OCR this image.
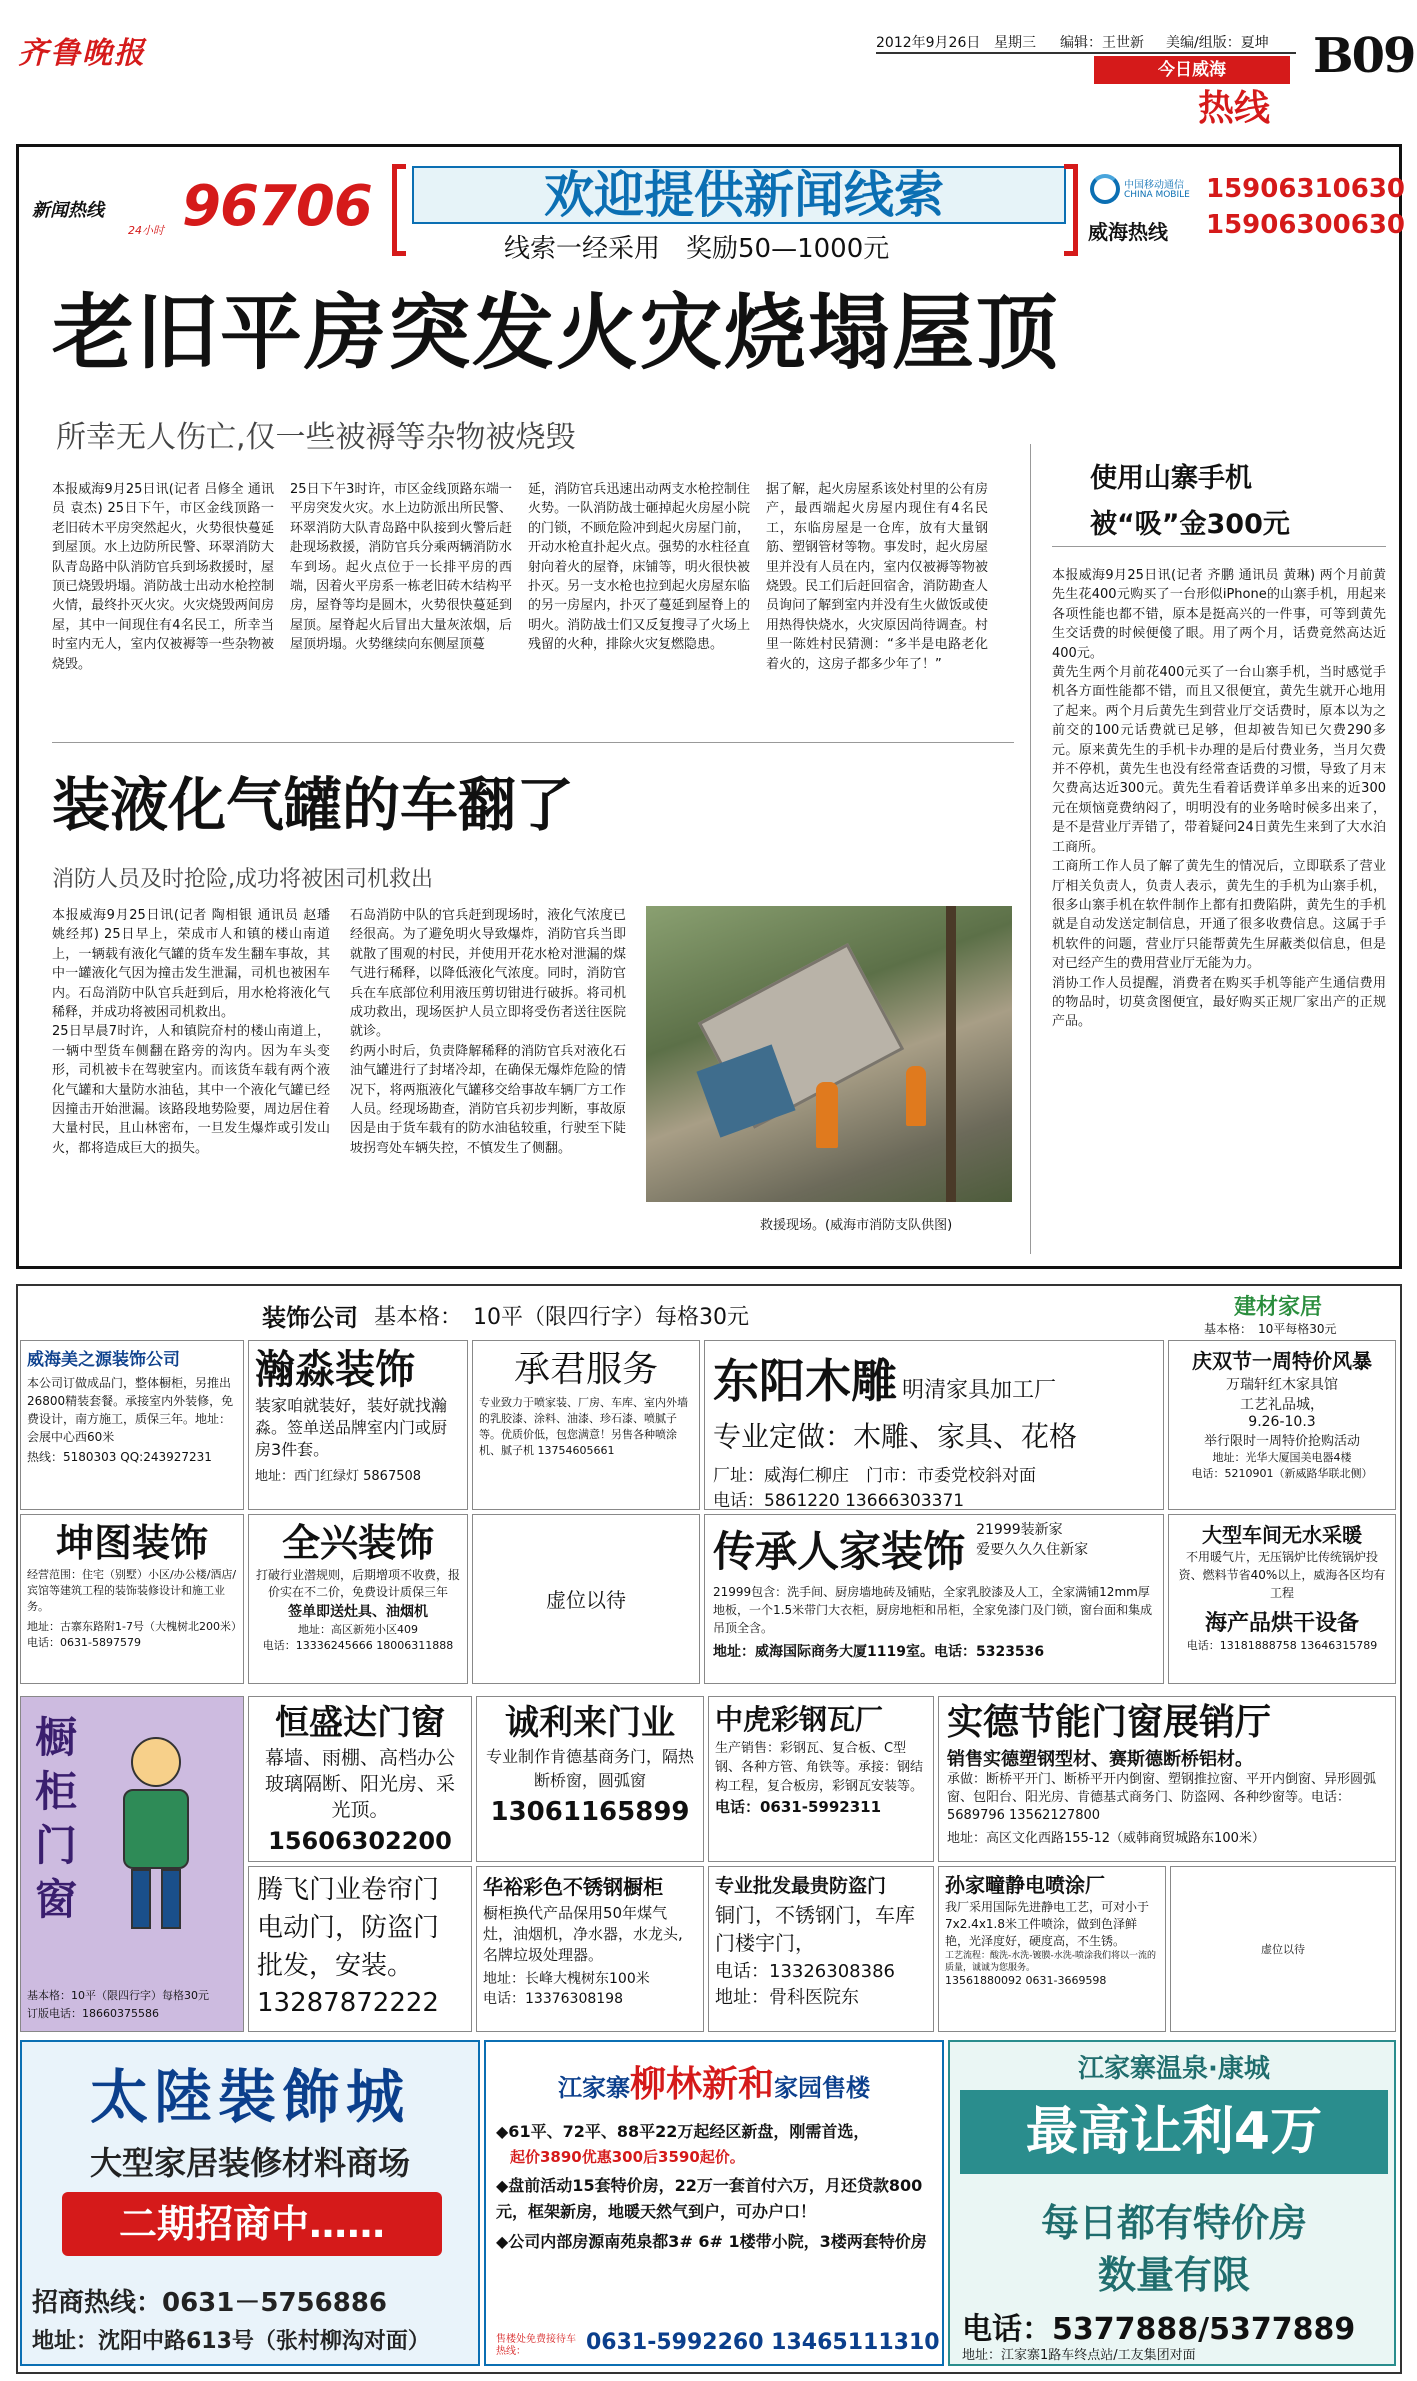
齐鲁晚报	2012年9月26日 星期三 编辑：王世新 美编/组版：夏坤
今日威海
热线
B09
新闻热线
24小时 96706	欢迎提供新闻线索
线索一经采用　奖励50—1000元
中国移动通信
CHINA MOBILE 15906310630
威海热线 15906300630
老旧平房突发火灾烧塌屋顶
所幸无人伤亡,仅一些被褥等杂物被烧毁
本报威海9月25日讯(记者 吕修全 通讯员 袁杰) 25日下午，市区金线顶路一老旧砖木平房突然起火，火势很快蔓延到屋顶。水上边防所民警、环翠消防大队青岛路中队消防官兵到场救援时，屋顶已烧毁坍塌。消防战士出动水枪控制火情，最终扑灭火灾。火灾烧毁两间房屋，其中一间现住有4名民工，所幸当时室内无人，室内仅被褥等一些杂物被烧毁。
25日下午3时许，市区金线顶路东端一平房突发火灾。水上边防派出所民警、环翠消防大队青岛路中队接到火警后赶赴现场救援，消防官兵分乘两辆消防水车到场。起火点位于一长排平房的西端，因着火平房系一栋老旧砖木结构平房，屋脊等均是圆木，火势很快蔓延到屋顶。屋脊起火后冒出大量灰浓烟，后屋顶坍塌。火势继续向东侧屋顶蔓
延，消防官兵迅速出动两支水枪控制住火势。一队消防战士砸掉起火房屋小院的门锁，不顾危险冲到起火房屋门前，开动水枪直扑起火点。强势的水柱径直射向着火的屋脊，床铺等，明火很快被扑灭。另一支水枪也拉到起火房屋东临的另一房屋内，扑灭了蔓延到屋脊上的明火。消防战士们又反复搜寻了火场上残留的火种，排除火灾复燃隐患。
据了解，起火房屋系该处村里的公有房产，最西端起火房屋内现住有4名民工，东临房屋是一仓库，放有大量钢筋、塑钢管材等物。事发时，起火房屋里并没有人员在内，室内仅被褥等物被烧毁。民工们后赶回宿舍，消防勘查人员询问了解到室内并没有生火做饭或使用热得快烧水，火灾原因尚待调查。村里一陈姓村民猜测：“多半是电路老化着火的，这房子都多少年了！”
装液化气罐的车翻了
消防人员及时抢险,成功将被困司机救出
本报威海9月25日讯(记者 陶相银 通讯员 赵璠 姚经邦) 25日早上，荣成市人和镇的楼山南道上，一辆载有液化气罐的货车发生翻车事故，其中一罐液化气因为撞击发生泄漏，司机也被困车内。石岛消防中队官兵赶到后，用水枪将液化气稀释，并成功将被困司机救出。
25日早晨7时许，人和镇院夼村的楼山南道上，一辆中型货车侧翻在路旁的沟内。因为车头变形，司机被卡在驾驶室内。而该货车载有两个液化气罐和大量防水油毡，其中一个液化气罐已经因撞击开始泄漏。该路段地势险要，周边居住着大量村民，且山林密布，一旦发生爆炸或引发山火，都将造成巨大的损失。
石岛消防中队的官兵赶到现场时，液化气浓度已经很高。为了避免明火导致爆炸，消防官兵当即就散了围观的村民，并使用开花水枪对泄漏的煤气进行稀释，以降低液化气浓度。同时，消防官兵在车底部位利用液压剪切钳进行破拆。将司机成功救出，现场医护人员立即将受伤者送往医院就诊。
约两小时后，负责降解稀释的消防官兵对液化石油气罐进行了封堵冷却，在确保无爆炸危险的情况下，将两瓶液化气罐移交给事故车辆厂方工作人员。经现场勘查，消防官兵初步判断，事故原因是由于货车载有的防水油毡较重，行驶至下陡坡拐弯处车辆失控，不慎发生了侧翻。
救援现场。(威海市消防支队供图)
使用山寨手机
被“吸”金300元
本报威海9月25日讯(记者 齐鹏 通讯员 黄琳) 两个月前黄先生花400元购买了一台形似iPhone的山寨手机，用起来各项性能也都不错，原本是挺高兴的一件事，可等到黄先生交话费的时候便傻了眼。用了两个月，话费竟然高达近400元。
黄先生两个月前花400元买了一台山寨手机，当时感觉手机各方面性能都不错，而且又很便宜，黄先生就开心地用了起来。两个月后黄先生到营业厅交话费时，原本以为之前交的100元话费就已足够，但却被告知已欠费290多元。原来黄先生的手机卡办理的是后付费业务，当月欠费并不停机，黄先生也没有经常查话费的习惯，导致了月末欠费高达近300元。黄先生看着话费详单多出来的近300元在烦恼竟费纳闷了，明明没有的业务啥时候多出来了，是不是营业厅弄错了，带着疑问24日黄先生来到了大水泊工商所。
工商所工作人员了解了黄先生的情况后，立即联系了营业厅相关负责人，负责人表示，黄先生的手机为山寨手机，很多山寨手机在软件制作上都有扣费陷阱，黄先生的手机就是自动发送定制信息，开通了很多收费信息。这属于手机软件的问题，营业厅只能帮黄先生屏蔽类似信息，但是对已经产生的费用营业厅无能为力。
消协工作人员提醒，消费者在购买手机等能产生通信费用的物品时，切莫贪图便宜，最好购买正规厂家出产的正规产品。
装饰公司 基本格：　10平（限四行字）每格30元	建材家居
基本格：　10平每格30元
威海美之源装饰公司
本公司订做成品门，整体橱柜，另推出26800精装套餐。承接室内外装修，免费设计，南方施工，质保三年。地址：会展中心西60米
热线：5180303 QQ:243927231
瀚淼装饰
装家咱就装好，装好就找瀚淼。签单送品牌室内门或厨房3件套。
地址：西门红绿灯 5867508
承君服务
专业致力于喷家装、厂房、车库、室内外墙的乳胶漆、涂料、油漆、珍石漆、喷腻子等。优质价低，包您满意！另售各种喷涂机、腻子机 13754605661
东阳木雕 明清家具加工厂
专业定做：木雕、家具、花格
厂址：威海仁柳庄　门市：市委党校斜对面
电话：5861220 13666303371
庆双节一周特价风暴
万瑞轩红木家具馆
工艺礼品城，
9.26-10.3
举行限时一周特价抢购活动
地址：光华大厦国美电器4楼
电话：5210901（新威路华联北侧）
坤图装饰
经营范围：住宅（别墅）小区/办公楼/酒店/宾馆等建筑工程的装饰装修设计和施工业务。
地址：古寨东路附1-7号（大槐树北200米）电话：0631-5897579
全兴装饰
打破行业潜规则，后期增项不收费，报价实在不二价，免费设计质保三年
签单即送灶具、油烟机
地址：高区新苑小区409
电话：13336245666 18006311888
虚位以待
传承人家装饰 21999装新家
爱要久久久住新家
21999包含：洗手间、厨房墙地砖及铺贴，全家乳胶漆及人工，全家满铺12mm厚地板，一个1.5米带门大衣柜，厨房地柜和吊柜，全家免漆门及门锁，窗台面和集成吊顶全含。
地址：威海国际商务大厦1119室。电话：5323536
大型车间无水采暖
不用暖气片，无压锅炉比传统锅炉投资、燃料节省40%以上，威海各区均有工程
海产品烘干设备
电话：13181888758 13646315789
橱柜门窗
基本格：10平（限四行字）每格30元
订版电话：18660375586
恒盛达门窗
幕墙、雨棚、高档办公玻璃隔断、阳光房、采光顶。
15606302200
诚利来门业
专业制作肯德基商务门，隔热断桥窗，圆弧窗
13061165899
中虎彩钢瓦厂
生产销售：彩钢瓦、复合板、C型钢、各种方管、角铁等。承接：钢结构工程，复合板房，彩钢瓦安装等。
电话：0631-5992311
实德节能门窗展销厅
销售实德塑钢型材、赛斯德断桥铝材。
承做：断桥平开门、断桥平开内倒窗、塑钢推拉窗、平开内倒窗、异形圆弧窗、包阳台、阳光房、肯德基式商务门、防盗网、各种纱窗等。电话：5689796 13562127800
地址：高区文化西路155-12（威韩商贸城路东100米）
腾飞门业卷帘门
电动门，防盗门批发，安装。
13287872222
华裕彩色不锈钢橱柜
橱柜换代产品保用50年煤气灶，油烟机，净水器，水龙头,名牌垃圾处理器。
地址：长峰大槐树东100米
电话：13376308198
专业批发最贵防盗门
铜门，不锈钢门，车库门楼宇门，
电话：13326308386
地址：骨科医院东
孙家疃静电喷涂厂
我厂采用国际先进静电工艺，可对小于7x2.4x1.8米工件喷涂，做到色泽鲜艳，光泽度好，硬度高，不生锈。
工艺流程：酸洗-水洗-镀膜-水洗-喷涂我们将以一流的质量，诚诚为您服务。
13561880092 0631-3669598
虚位以待
太陸裝飾城
大型家居装修材料商场
二期招商中……
招商热线：0631－5756886
地址：沈阳中路613号（张村柳沟对面）
江家寨柳林新和家园售楼
◆61平、72平、88平22万起经区新盘，刚需首选，
起价3890优惠300后3590起价。
◆盘前活动15套特价房，22万一套首付六万，月还贷款800元，框架新房，地暖天然气到户，可办户口！
◆公司内部房源南苑泉都3# 6# 1楼带小院，3楼两套特价房
售楼处免费接待车热线：	0631-5992260 13465111310
江家寨温泉·康城
最高让利4万
每日都有特价房
数量有限
电话：5377888/5377889
地址：江家寨1路车终点站/工友集团对面
